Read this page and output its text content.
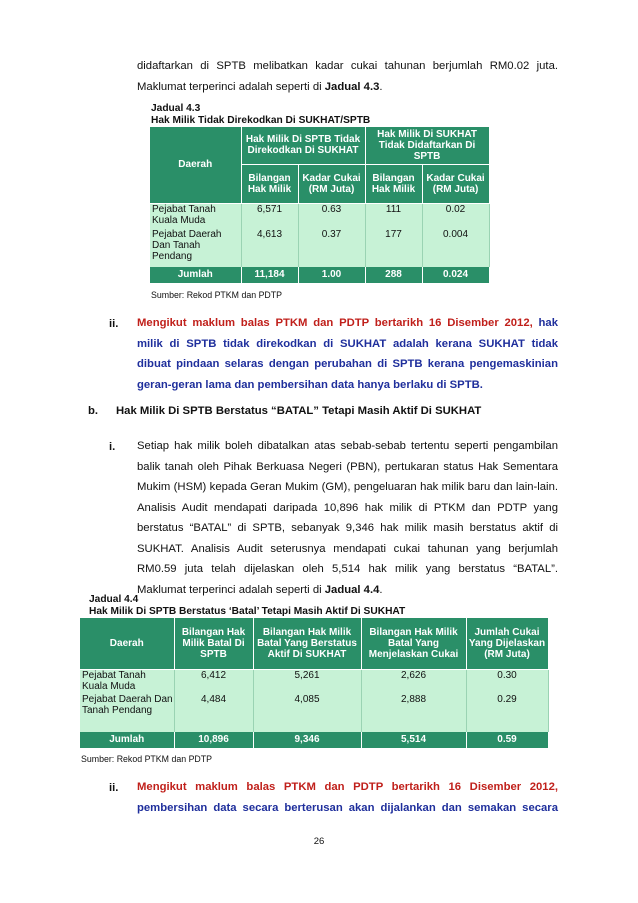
didaftarkan di SPTB melibatkan kadar cukai tahunan berjumlah RM0.02 juta.
Maklumat terperinci adalah seperti di Jadual 4.3.
Jadual 4.3
Hak Milik Tidak Direkodkan Di SUKHAT/SPTB
Daerah	Hak Milik Di SPTB Tidak Direkodkan Di SUKHAT		Hak Milik Di SUKHAT Tidak Didaftarkan Di SPTB	
	Bilangan Hak Milik	Kadar Cukai (RM Juta)	Bilangan Hak Milik	Kadar Cukai (RM Juta)
Pejabat Tanah Kuala Muda	6,571	0.63	111	0.02
Pejabat Daerah Dan Tanah Pendang	4,613	0.37	177	0.004
Jumlah	11,184	1.00	288	0.024
Sumber: Rekod PTKM dan PDTP
ii. Mengikut maklum balas PTKM dan PDTP bertarikh 16 Disember 2012, hak milik di SPTB tidak direkodkan di SUKHAT adalah kerana SUKHAT tidak dibuat pindaan selaras dengan perubahan di SPTB kerana pengemaskinian geran-geran lama dan pembersihan data hanya berlaku di SPTB.
b. Hak Milik Di SPTB Berstatus “BATAL” Tetapi Masih Aktif Di SUKHAT
i. Setiap hak milik boleh dibatalkan atas sebab-sebab tertentu seperti pengambilan balik tanah oleh Pihak Berkuasa Negeri (PBN), pertukaran status Hak Sementara Mukim (HSM) kepada Geran Mukim (GM), pengeluaran hak milik baru dan lain-lain. Analisis Audit mendapati daripada 10,896 hak milik di PTKM dan PDTP yang berstatus “BATAL” di SPTB, sebanyak 9,346 hak milik masih berstatus aktif di SUKHAT. Analisis Audit seterusnya mendapati cukai tahunan yang berjumlah RM0.59 juta telah dijelaskan oleh 5,514 hak milik yang berstatus “BATAL”. Maklumat terperinci adalah seperti di Jadual 4.4.
Jadual 4.4
Hak Milik Di SPTB Berstatus ‘Batal’ Tetapi Masih Aktif Di SUKHAT
Daerah	Bilangan Hak Milik Batal Di SPTB	Bilangan Hak Milik Batal Yang Berstatus Aktif Di SUKHAT	Bilangan Hak Milik Batal Yang Menjelaskan Cukai	Jumlah Cukai Yang Dijelaskan (RM Juta)
Pejabat Tanah Kuala Muda	6,412	5,261	2,626	0.30
Pejabat Daerah Dan Tanah Pendang	4,484	4,085	2,888	0.29
Jumlah	10,896	9,346	5,514	0.59
Sumber: Rekod PTKM dan PDTP
ii. Mengikut maklum balas PTKM dan PDTP bertarikh 16 Disember 2012,
pembersihan data secara berterusan akan dijalankan dan semakan secara
26
